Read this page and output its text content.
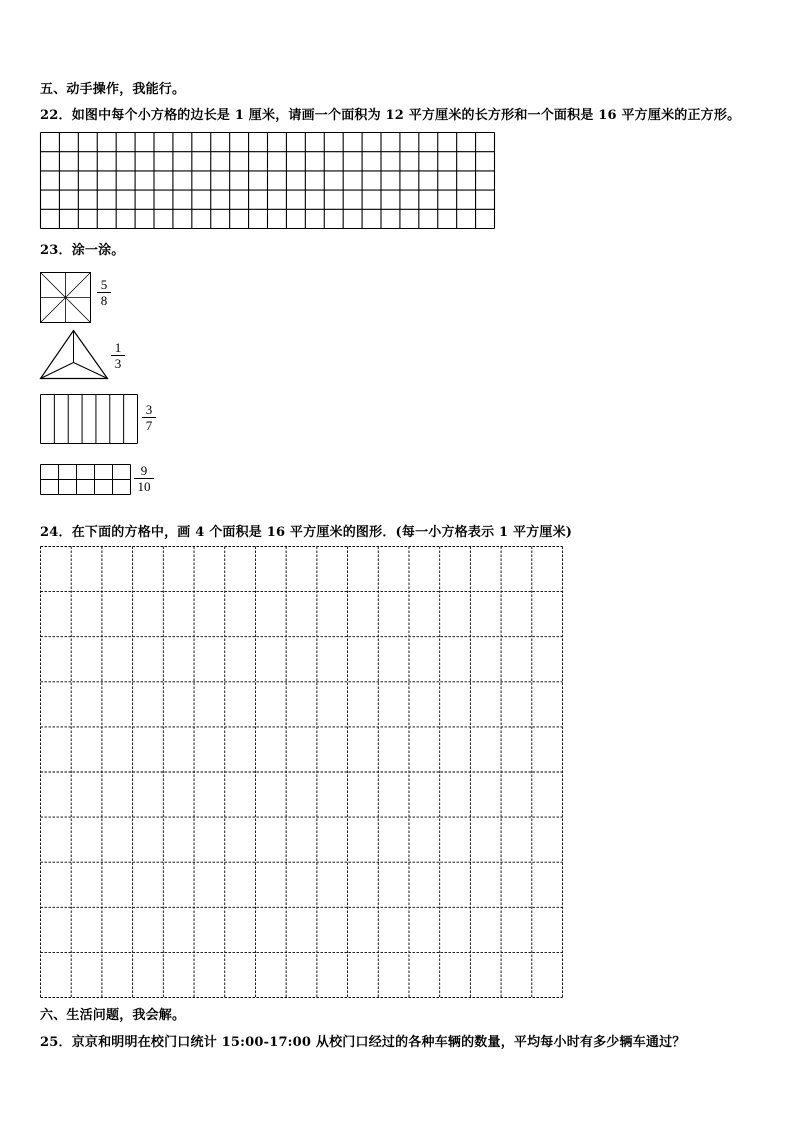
五、动手操作，我能行。
22．如图中每个小方格的边长是 1 厘米，请画一个面积为 12 平方厘米的长方形和一个面积是 16 平方厘米的正方形。
23．涂一涂。
$\frac{5}{8}$
$\frac{1}{3}$
$\frac{3}{7}$
$\frac{9}{10}$
24．在下面的方格中，画 4 个面积是 16 平方厘米的图形．(每一小方格表示 1 平方厘米)
六、生活问题，我会解。
25．京京和明明在校门口统计 15:00-17:00 从校门口经过的各种车辆的数量，平均每小时有多少辆车通过？
